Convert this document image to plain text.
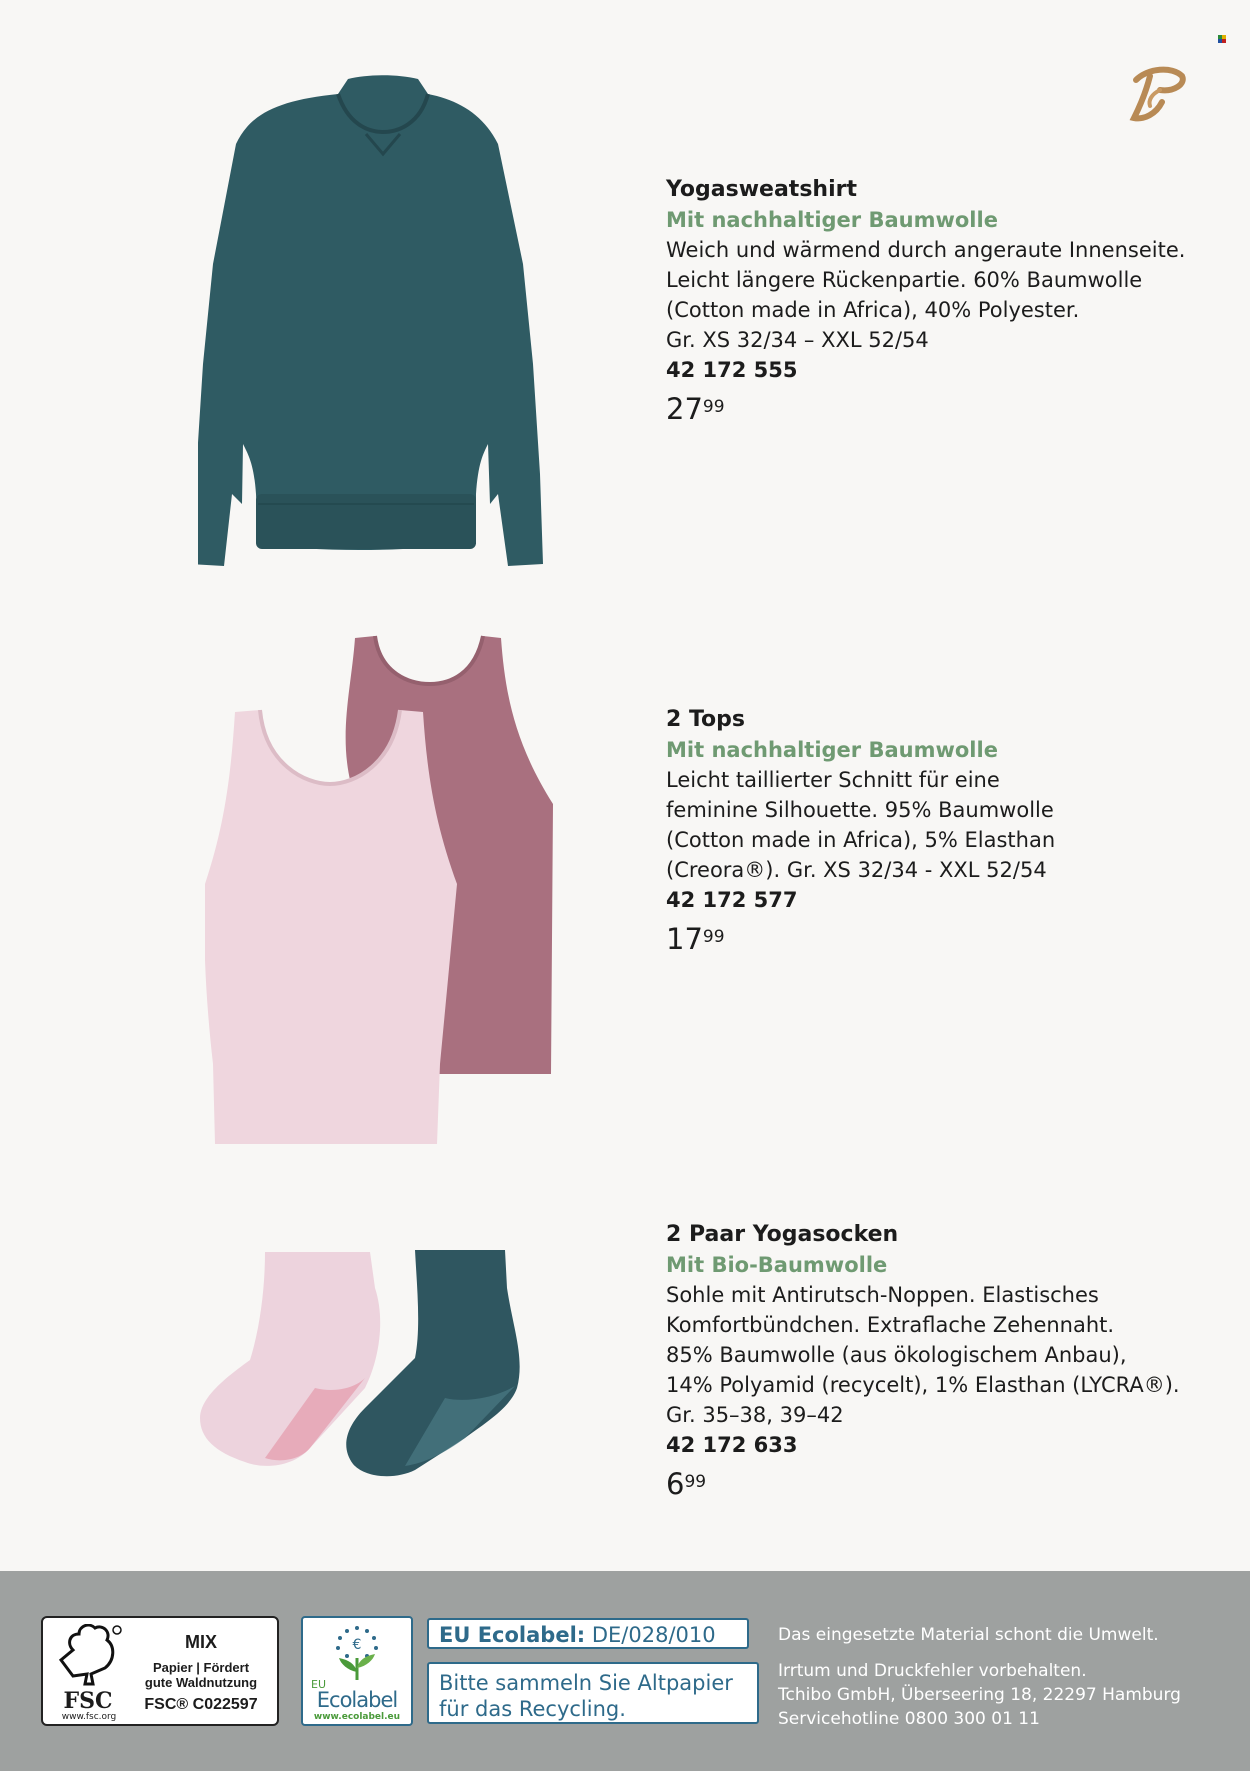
Yogasweatshirt

Mit nachhaltiger Baumwolle

Weich und wärmend durch angeraute Innenseite.

Leicht längere Rückenpartie. 60% Baumwolle

(Cotton made in Africa), 40% Polyester.

Gr. XS 32/34 – XXL 52/54

42 172 555

$27^{99}$

2 Tops

Mit nachhaltiger Baumwolle

Leicht taillierter Schnitt für eine

feminine Silhouette. 95% Baumwolle

(Cotton made in Africa), 5% Elasthan

(Creora®). Gr. XS 32/34 - XXL 52/54

42 172 577

$17^{99}$

2 Paar Yogasocken

Mit Bio-Baumwolle

Sohle mit Antirutsch-Noppen. Elastisches

Komfortbündchen. Extraflache Zehennaht.

85% Baumwolle (aus ökologischem Anbau),

14% Polyamid (recycelt), 1% Elasthan (LYCRA®).

Gr. 35–38, 39–42

42 172 633

$6^{99}$
FSC
www.fsc.org
MIX
Papier | Fördert
gute Waldnutzung
FSC® C022597
€
EU
Ecolabel
www.ecolabel.eu
EU Ecolabel: DE/028/010
Bitte sammeln Sie Altpapier
für das Recycling.
Das eingesetzte Material schont die Umwelt.
Irrtum und Druckfehler vorbehalten.
Tchibo GmbH, Überseering 18, 22297 Hamburg
Servicehotline 0800 300 01 11
